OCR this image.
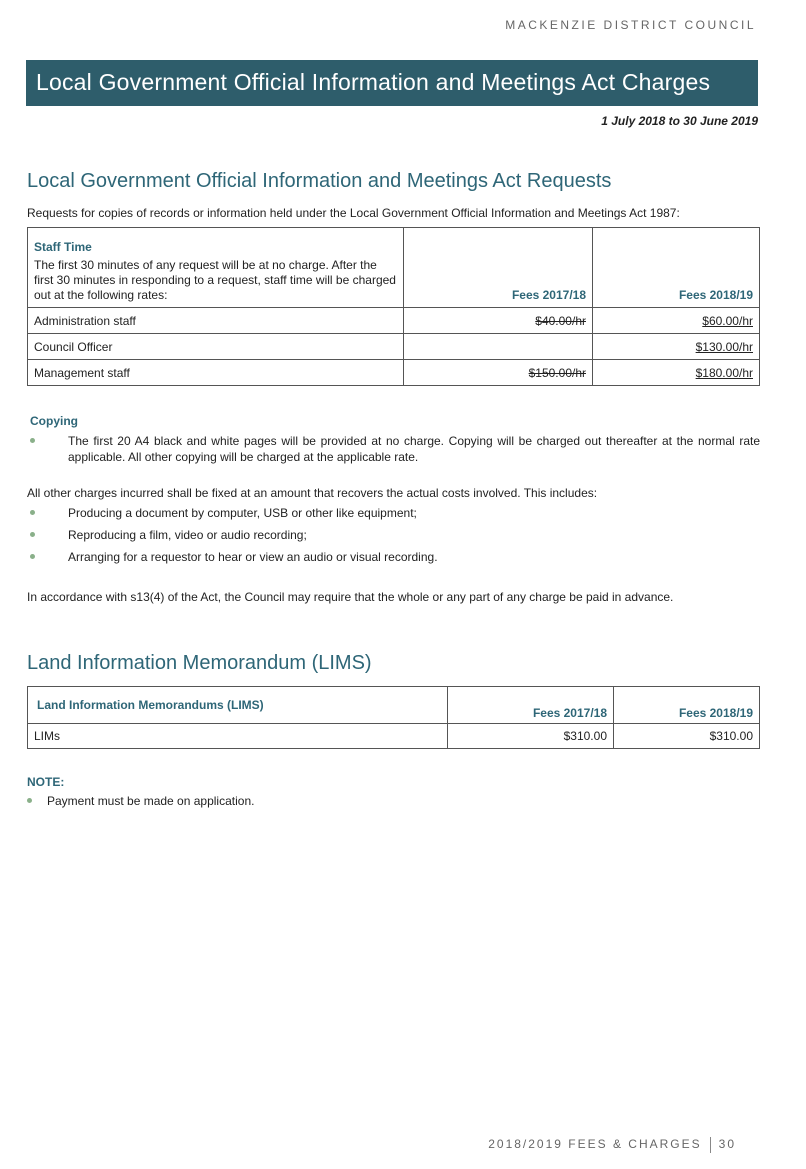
MACKENZIE DISTRICT COUNCIL
Local Government Official Information and Meetings Act Charges
1 July 2018 to 30 June 2019
Local Government Official Information and Meetings Act Requests
Requests for copies of records or information held under the Local Government Official Information and Meetings Act 1987:
Staff Time
The first 30 minutes of any request will be at no charge. After the first 30 minutes in responding to a request, staff time will be charged out at the following rates:	Fees 2017/18	Fees 2018/19
Administration staff	$40.00/hr	$60.00/hr
Council Officer		$130.00/hr
Management staff	$150.00/hr	$180.00/hr
Copying
The first 20 A4 black and white pages will be provided at no charge. Copying will be charged out thereafter at the normal rate applicable. All other copying will be charged at the applicable rate.
All other charges incurred shall be fixed at an amount that recovers the actual costs involved. This includes:
Producing a document by computer, USB or other like equipment;
Reproducing a film, video or audio recording;
Arranging for a requestor to hear or view an audio or visual recording.
In accordance with s13(4) of the Act, the Council may require that the whole or any part of any charge be paid in advance.
Land Information Memorandum (LIMS)
Land Information Memorandums (LIMS)	Fees 2017/18	Fees 2018/19
LIMs	$310.00	$310.00
NOTE:
Payment must be made on application.
2018/2019 FEES & CHARGES 30
